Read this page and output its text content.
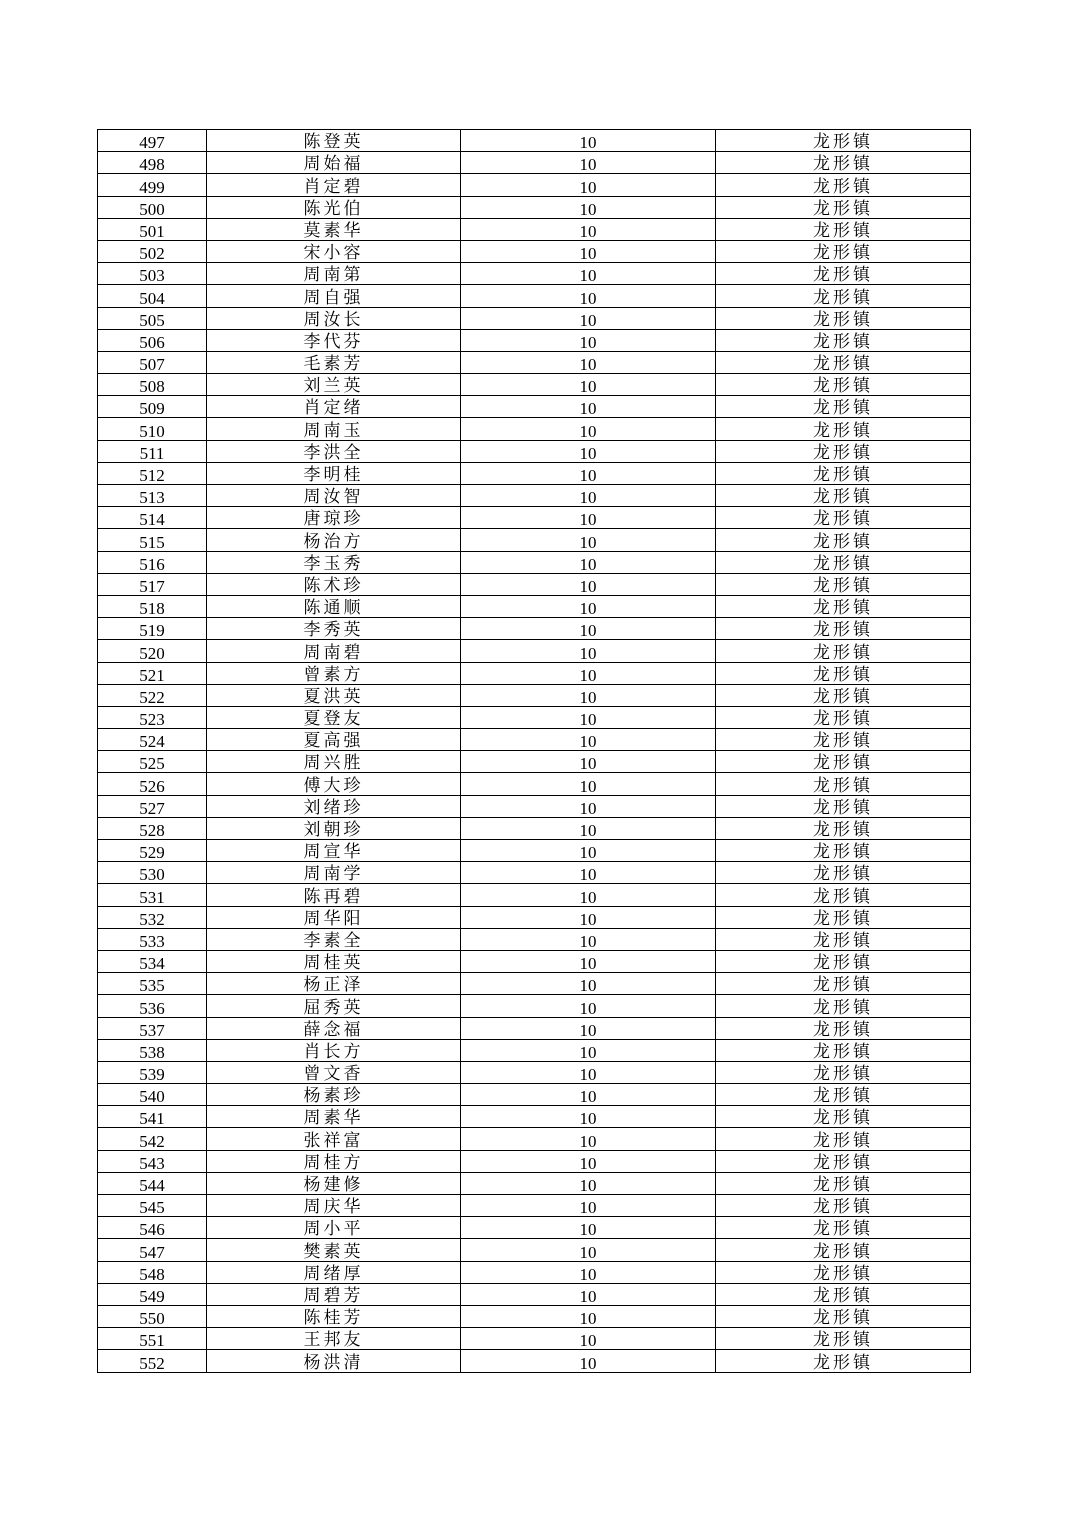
497	陈登英	10	龙形镇
498	周始福	10	龙形镇
499	肖定碧	10	龙形镇
500	陈光伯	10	龙形镇
501	莫素华	10	龙形镇
502	宋小容	10	龙形镇
503	周南第	10	龙形镇
504	周自强	10	龙形镇
505	周汝长	10	龙形镇
506	李代芬	10	龙形镇
507	毛素芳	10	龙形镇
508	刘兰英	10	龙形镇
509	肖定绪	10	龙形镇
510	周南玉	10	龙形镇
511	李洪全	10	龙形镇
512	李明桂	10	龙形镇
513	周汝智	10	龙形镇
514	唐琼珍	10	龙形镇
515	杨治方	10	龙形镇
516	李玉秀	10	龙形镇
517	陈术珍	10	龙形镇
518	陈通顺	10	龙形镇
519	李秀英	10	龙形镇
520	周南碧	10	龙形镇
521	曾素方	10	龙形镇
522	夏洪英	10	龙形镇
523	夏登友	10	龙形镇
524	夏高强	10	龙形镇
525	周兴胜	10	龙形镇
526	傅大珍	10	龙形镇
527	刘绪珍	10	龙形镇
528	刘朝珍	10	龙形镇
529	周宣华	10	龙形镇
530	周南学	10	龙形镇
531	陈再碧	10	龙形镇
532	周华阳	10	龙形镇
533	李素全	10	龙形镇
534	周桂英	10	龙形镇
535	杨正泽	10	龙形镇
536	屈秀英	10	龙形镇
537	薛念福	10	龙形镇
538	肖长方	10	龙形镇
539	曾文香	10	龙形镇
540	杨素珍	10	龙形镇
541	周素华	10	龙形镇
542	张祥富	10	龙形镇
543	周桂方	10	龙形镇
544	杨建修	10	龙形镇
545	周庆华	10	龙形镇
546	周小平	10	龙形镇
547	樊素英	10	龙形镇
548	周绪厚	10	龙形镇
549	周碧芳	10	龙形镇
550	陈桂芳	10	龙形镇
551	王邦友	10	龙形镇
552	杨洪清	10	龙形镇
